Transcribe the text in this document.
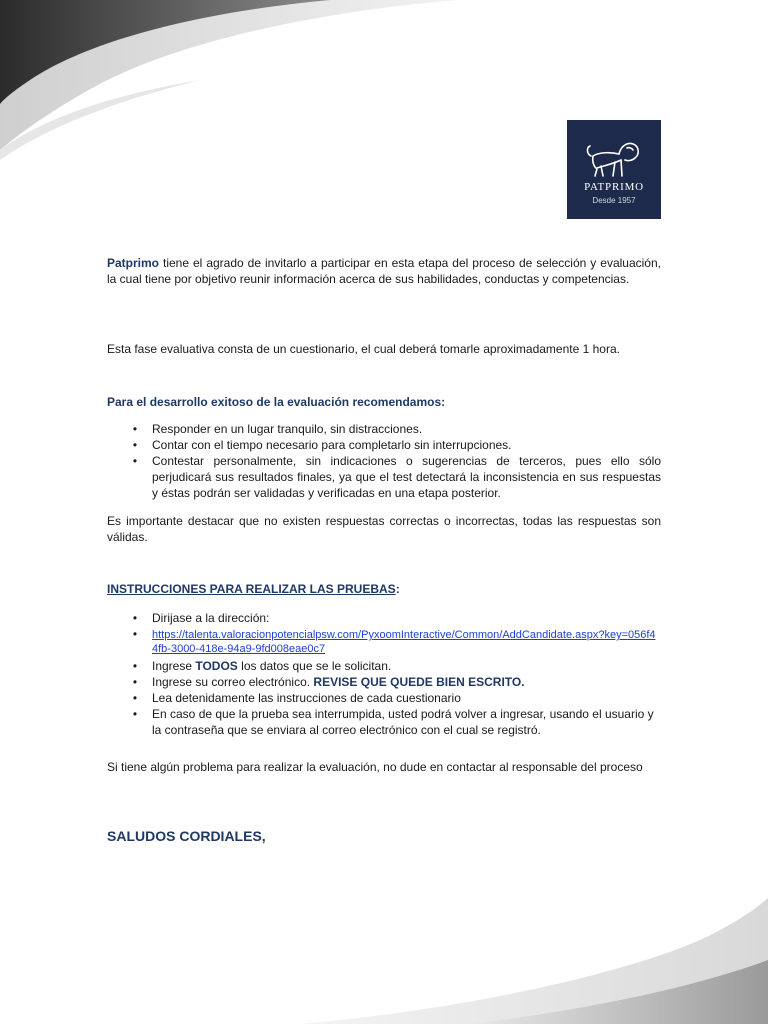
PATPRIMO
Desde 1957

Patprimo tiene el agrado de invitarlo a participar en esta etapa del proceso de selección y evaluación, la cual tiene por objetivo reunir información acerca de sus habilidades, conductas y competencias.

Esta fase evaluativa consta de un cuestionario, el cual deberá tomarle aproximadamente 1 hora.

Para el desarrollo exitoso de la evaluación recomendamos:

• Responder en un lugar tranquilo, sin distracciones.
• Contar con el tiempo necesario para completarlo sin interrupciones.
• Contestar personalmente, sin indicaciones o sugerencias de terceros, pues ello sólo perjudicará sus resultados finales, ya que el test detectará la inconsistencia en sus respuestas y éstas podrán ser validadas y verificadas en una etapa posterior.

Es importante destacar que no existen respuestas correctas o incorrectas, todas las respuestas son válidas.

INSTRUCCIONES PARA REALIZAR LAS PRUEBAS:

• Dirijase a la dirección:
• https://talenta.valoracionpotencialpsw.com/PyxoomInteractive/Common/AddCandidate.aspx?key=056f44fb-3000-418e-94a9-9fd008eae0c7
• Ingrese TODOS los datos que se le solicitan.
• Ingrese su correo electrónico. REVISE QUE QUEDE BIEN ESCRITO.
• Lea detenidamente las instrucciones de cada cuestionario
• En caso de que la prueba sea interrumpida, usted podrá volver a ingresar, usando el usuario y la contraseña que se enviara al correo electrónico con el cual se registró.

Si tiene algún problema para realizar la evaluación, no dude en contactar al responsable del proceso

SALUDOS CORDIALES,
